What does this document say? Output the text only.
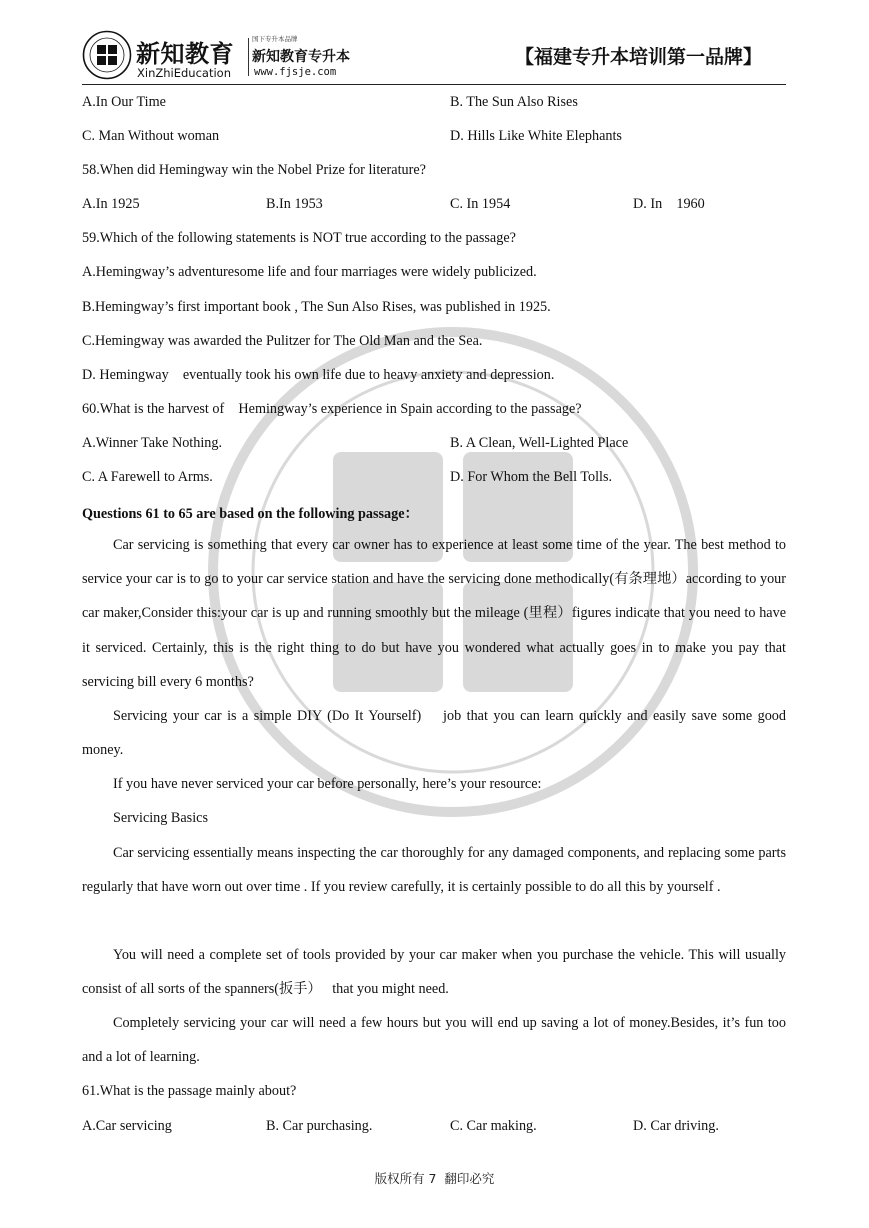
新知教育
XinZhiEducation
国下专升本品牌
新知教育专升本
www.fjsje.com
【福建专升本培训第一品牌】
A.In Our Time	B. The Sun Also Rises
C. Man Without woman	D. Hills Like White Elephants
58.When did Hemingway win the Nobel Prize for literature?
A.In 1925	B.In 1953	C. In 1954	D. In    1960
59.Which of the following statements is NOT true according to the passage?
A.Hemingway’s adventuresome life and four marriages were widely publicized.
B.Hemingway’s first important book , The Sun Also Rises, was published in 1925.
C.Hemingway was awarded the Pulitzer for The Old Man and the Sea.
D. Hemingway    eventually took his own life due to heavy anxiety and depression.
60.What is the harvest of    Hemingway’s experience in Spain according to the passage?
A.Winner Take Nothing.	B. A Clean, Well-Lighted Place
C. A Farewell to Arms.	D. For Whom the Bell Tolls.
Questions 61 to 65 are based on the following passage：

Car servicing is something that every car owner has to experience at least some time of the year. The best method to service your car is to go to your car service station and have the servicing done methodically(有条理地）according to your car maker,Consider this:your car is up and running smoothly but the mileage (里程）figures indicate that you need to have it serviced. Certainly, this is the right thing to do but have you wondered what actually goes in to make you pay that servicing bill every 6 months?

Servicing your car is a simple DIY (Do It Yourself)    job that you can learn quickly and easily save some good money.

If you have never serviced your car before personally, here’s your resource:

Servicing Basics

Car servicing essentially means inspecting the car thoroughly for any damaged components, and replacing some parts regularly that have worn out over time . If you review carefully, it is certainly possible to do all this by yourself .

You will need a complete set of tools provided by your car maker when you purchase the vehicle. This will usually consist of all sorts of the spanners(扳手）   that you might need.

Completely servicing your car will need a few hours but you will end up saving a lot of money.Besides, it’s fun too and a lot of learning.

61.What is the passage mainly about?
A.Car servicing	B. Car purchasing.	C. Car making.	D. Car driving.
版权所有 7  翻印必究
